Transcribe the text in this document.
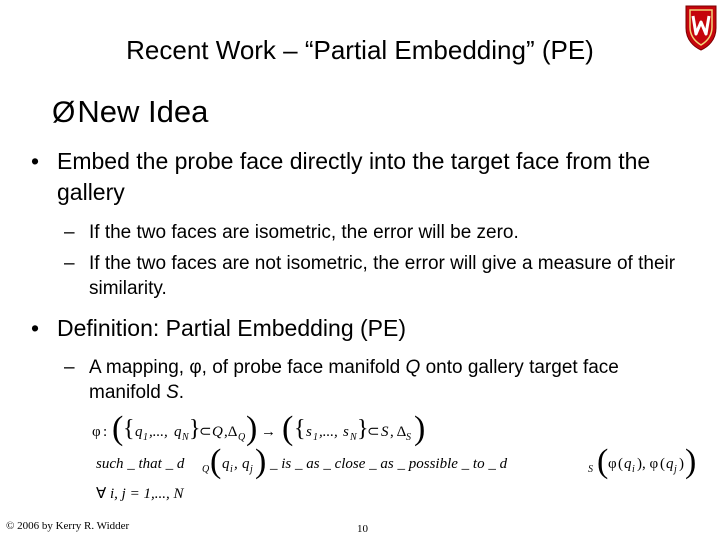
Recent Work – “Partial Embedding” (PE)
ØNew Idea
• Embed the probe face directly into the target face from the gallery
– If the two faces are isometric, the error will be zero.
– If the two faces are not isometric, the error will give a measure of their similarity.
• Definition: Partial Embedding (PE)
– A mapping, φ, of probe face manifold Q onto gallery target face manifold S.
φ : ( { q 1 ,..., q N }
⊂ Q ,Δ Q ) → ( { s 1 ,..., s N }
⊂ S , Δ S )
such _ that _ d Q ( q i , q j ) _ is _ as _ close _ as _ possible _ to _ d	S ( φ ( q i ), φ ( q j ) )
∀ i, j = 1,..., N
© 2006 by Kerry R. Widder	10
